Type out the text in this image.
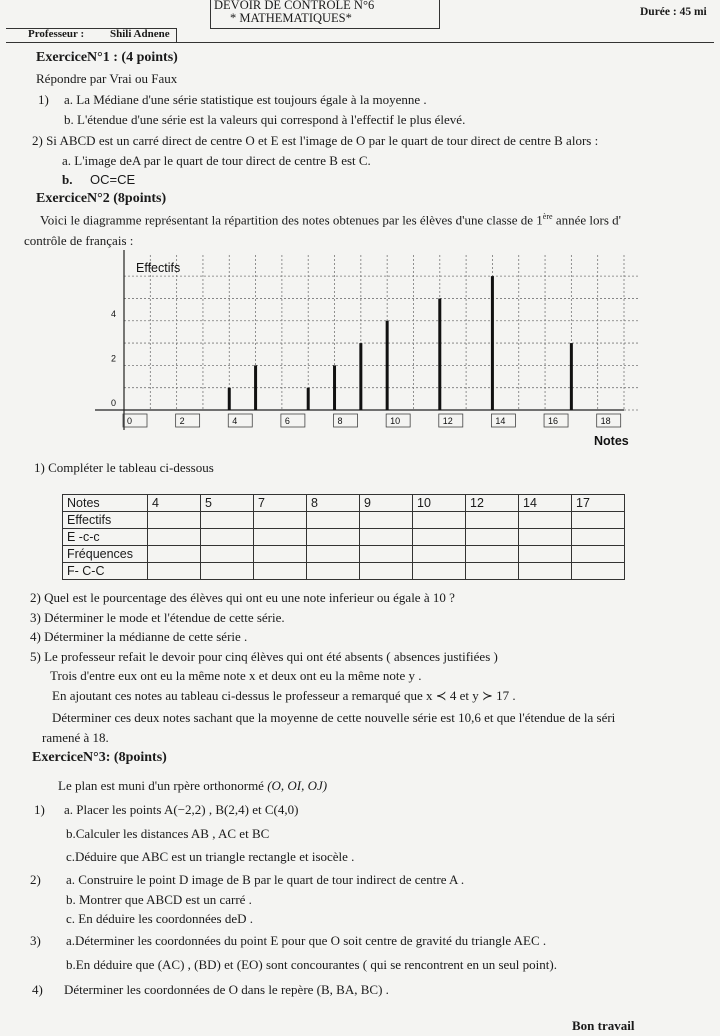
DEVOIR DE CONTROLE N°6
* MATHEMATIQUES*	Durée : 45 mi
Professeur : Shili Adnene
ExerciceN°1 : (4 points)
Répondre par Vrai ou Faux
1) a. La Médiane d'une série statistique est toujours égale à la moyenne .
b. L'étendue d'une série est la valeurs qui correspond à l'effectif le plus élevé.
2) Si ABCD est un carré direct de centre O et E est l'image de O par le quart de tour direct de centre B alors :
a. L'image deA par le quart de tour direct de centre B est C.
b. OC=CE
ExerciceN°2 (8points)
Voici le diagramme représentant la répartition des notes obtenues par les élèves d'une classe de 1ère année lors d'
contrôle de français :
0	2	4	6	8	10	12	14	16	18
0
2
4
Effectifs
Notes
1) Compléter le tableau ci-dessous
Notes	4	5	7	8	9	10	12	14	17
Effectifs									
E -c-c									
Fréquences									
F- C-C									
2) Quel est le pourcentage des élèves qui ont eu une note inferieur ou égale à 10 ?
3) Déterminer le mode et l'étendue de cette série.
4) Déterminer la médianne de cette série .
5) Le professeur refait le devoir pour cinq élèves qui ont été absents ( absences justifiées )
Trois d'entre eux ont eu la même note x et deux ont eu la même note y .
En ajoutant ces notes au tableau ci-dessus le professeur a remarqué que x ≺ 4 et y ≻ 17 .
Déterminer ces deux notes sachant que la moyenne de cette nouvelle série est 10,6 et que l'étendue de la séri
ramené à 18.
ExerciceN°3: (8points)
Le plan est muni d'un rpère orthonormé (O, OI, OJ)
1) a. Placer les points A(−2,2) , B(2,4) et C(4,0)
b.Calculer les distances AB , AC et BC
c.Déduire que ABC est un triangle rectangle et isocèle .
2) a. Construire le point D image de B par le quart de tour indirect de centre A .
b. Montrer que ABCD est un carré .
c. En déduire les coordonnées deD .
3) a.Déterminer les coordonnées du point E pour que O soit centre de gravité du triangle AEC .
b.En déduire que (AC) , (BD) et (EO) sont concourantes ( qui se rencontrent en un seul point).
4) Déterminer les coordonnées de O dans le repère (B, BA, BC) .
Bon travail
